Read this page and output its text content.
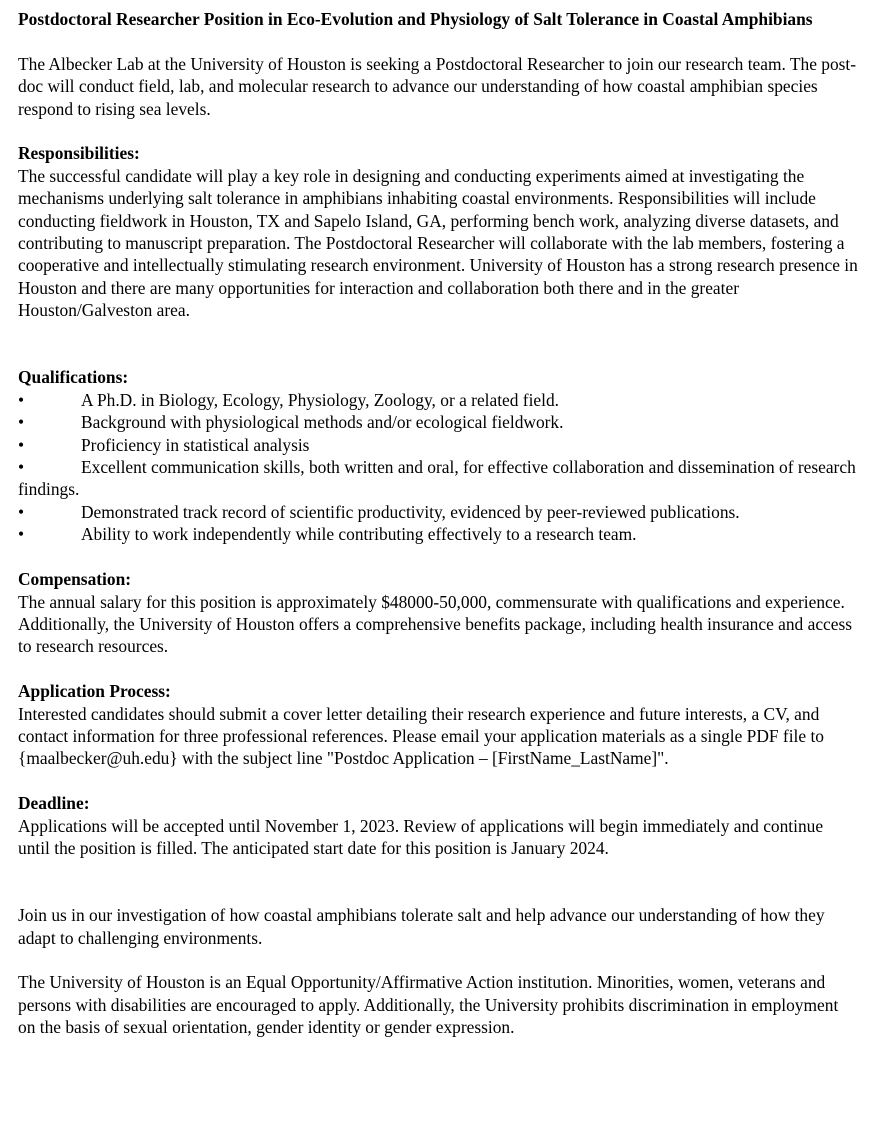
Postdoctoral Researcher Position in Eco-Evolution and Physiology of Salt Tolerance in Coastal Amphibians

The Albecker Lab at the University of Houston is seeking a Postdoctoral Researcher to join our research team. The post-doc will conduct field, lab, and molecular research to advance our understanding of how coastal amphibian species respond to rising sea levels.

Responsibilities:

The successful candidate will play a key role in designing and conducting experiments aimed at investigating the mechanisms underlying salt tolerance in amphibians inhabiting coastal environments. Responsibilities will include conducting fieldwork in Houston, TX and Sapelo Island, GA, performing bench work, analyzing diverse datasets, and contributing to manuscript preparation. The Postdoctoral Researcher will collaborate with the lab members, fostering a cooperative and intellectually stimulating research environment. University of Houston has a strong research presence in Houston and there are many opportunities for interaction and collaboration both there and in the greater Houston/Galveston area.

Qualifications:

•	A Ph.D. in Biology, Ecology, Physiology, Zoology, or a related field.
•	Background with physiological methods and/or ecological fieldwork.
•	Proficiency in statistical analysis
•	Excellent communication skills, both written and oral, for effective collaboration and dissemination of research findings.
•	Demonstrated track record of scientific productivity, evidenced by peer-reviewed publications.
•	Ability to work independently while contributing effectively to a research team.

Compensation:

The annual salary for this position is approximately $48000-50,000, commensurate with qualifications and experience. Additionally, the University of Houston offers a comprehensive benefits package, including health insurance and access to research resources.

Application Process:

Interested candidates should submit a cover letter detailing their research experience and future interests, a CV, and contact information for three professional references. Please email your application materials as a single PDF file to {maalbecker@uh.edu} with the subject line "Postdoc Application – [FirstName_LastName]".

Deadline:

Applications will be accepted until November 1, 2023. Review of applications will begin immediately and continue until the position is filled. The anticipated start date for this position is January 2024.

Join us in our investigation of how coastal amphibians tolerate salt and help advance our understanding of how they adapt to challenging environments.

The University of Houston is an Equal Opportunity/Affirmative Action institution. Minorities, women, veterans and persons with disabilities are encouraged to apply. Additionally, the University prohibits discrimination in employment on the basis of sexual orientation, gender identity or gender expression.
